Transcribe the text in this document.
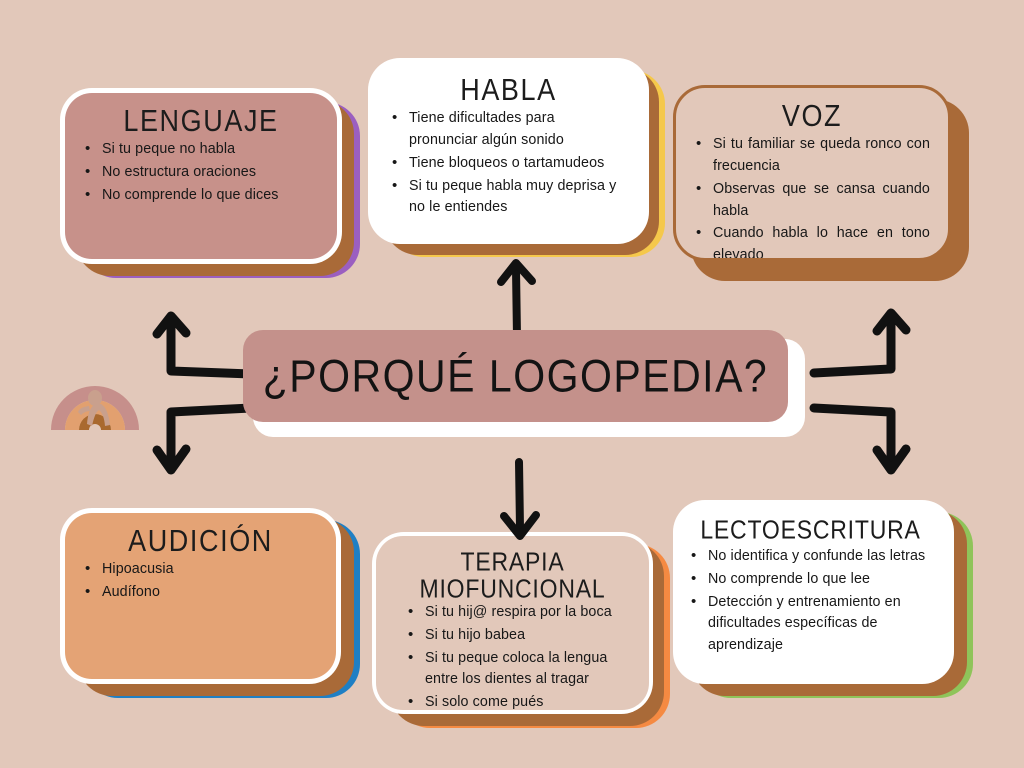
LENGUAJE
• Si tu peque no habla
• No estructura oraciones
• No comprende lo que dices
HABLA
• Tiene dificultades para pronunciar algún sonido
• Tiene bloqueos o tartamudeos
• Si tu peque habla muy deprisa y no le entiendes
VOZ
• Si tu familiar se queda ronco con frecuencia
• Observas que se cansa cuando habla
• Cuando habla lo hace en tono elevado
¿PORQUÉ LOGOPEDIA?
AUDICIÓN
• Hipoacusia
• Audífono
TERAPIA MIOFUNCIONAL
• Si tu hij@ respira por la boca
• Si tu hijo babea
• Si tu peque coloca la lengua entre los dientes al tragar
• Si solo come pués
LECTOESCRITURA
• No identifica y confunde las letras
• No comprende lo que lee
• Detección y entrenamiento en dificultades específicas de aprendizaje
